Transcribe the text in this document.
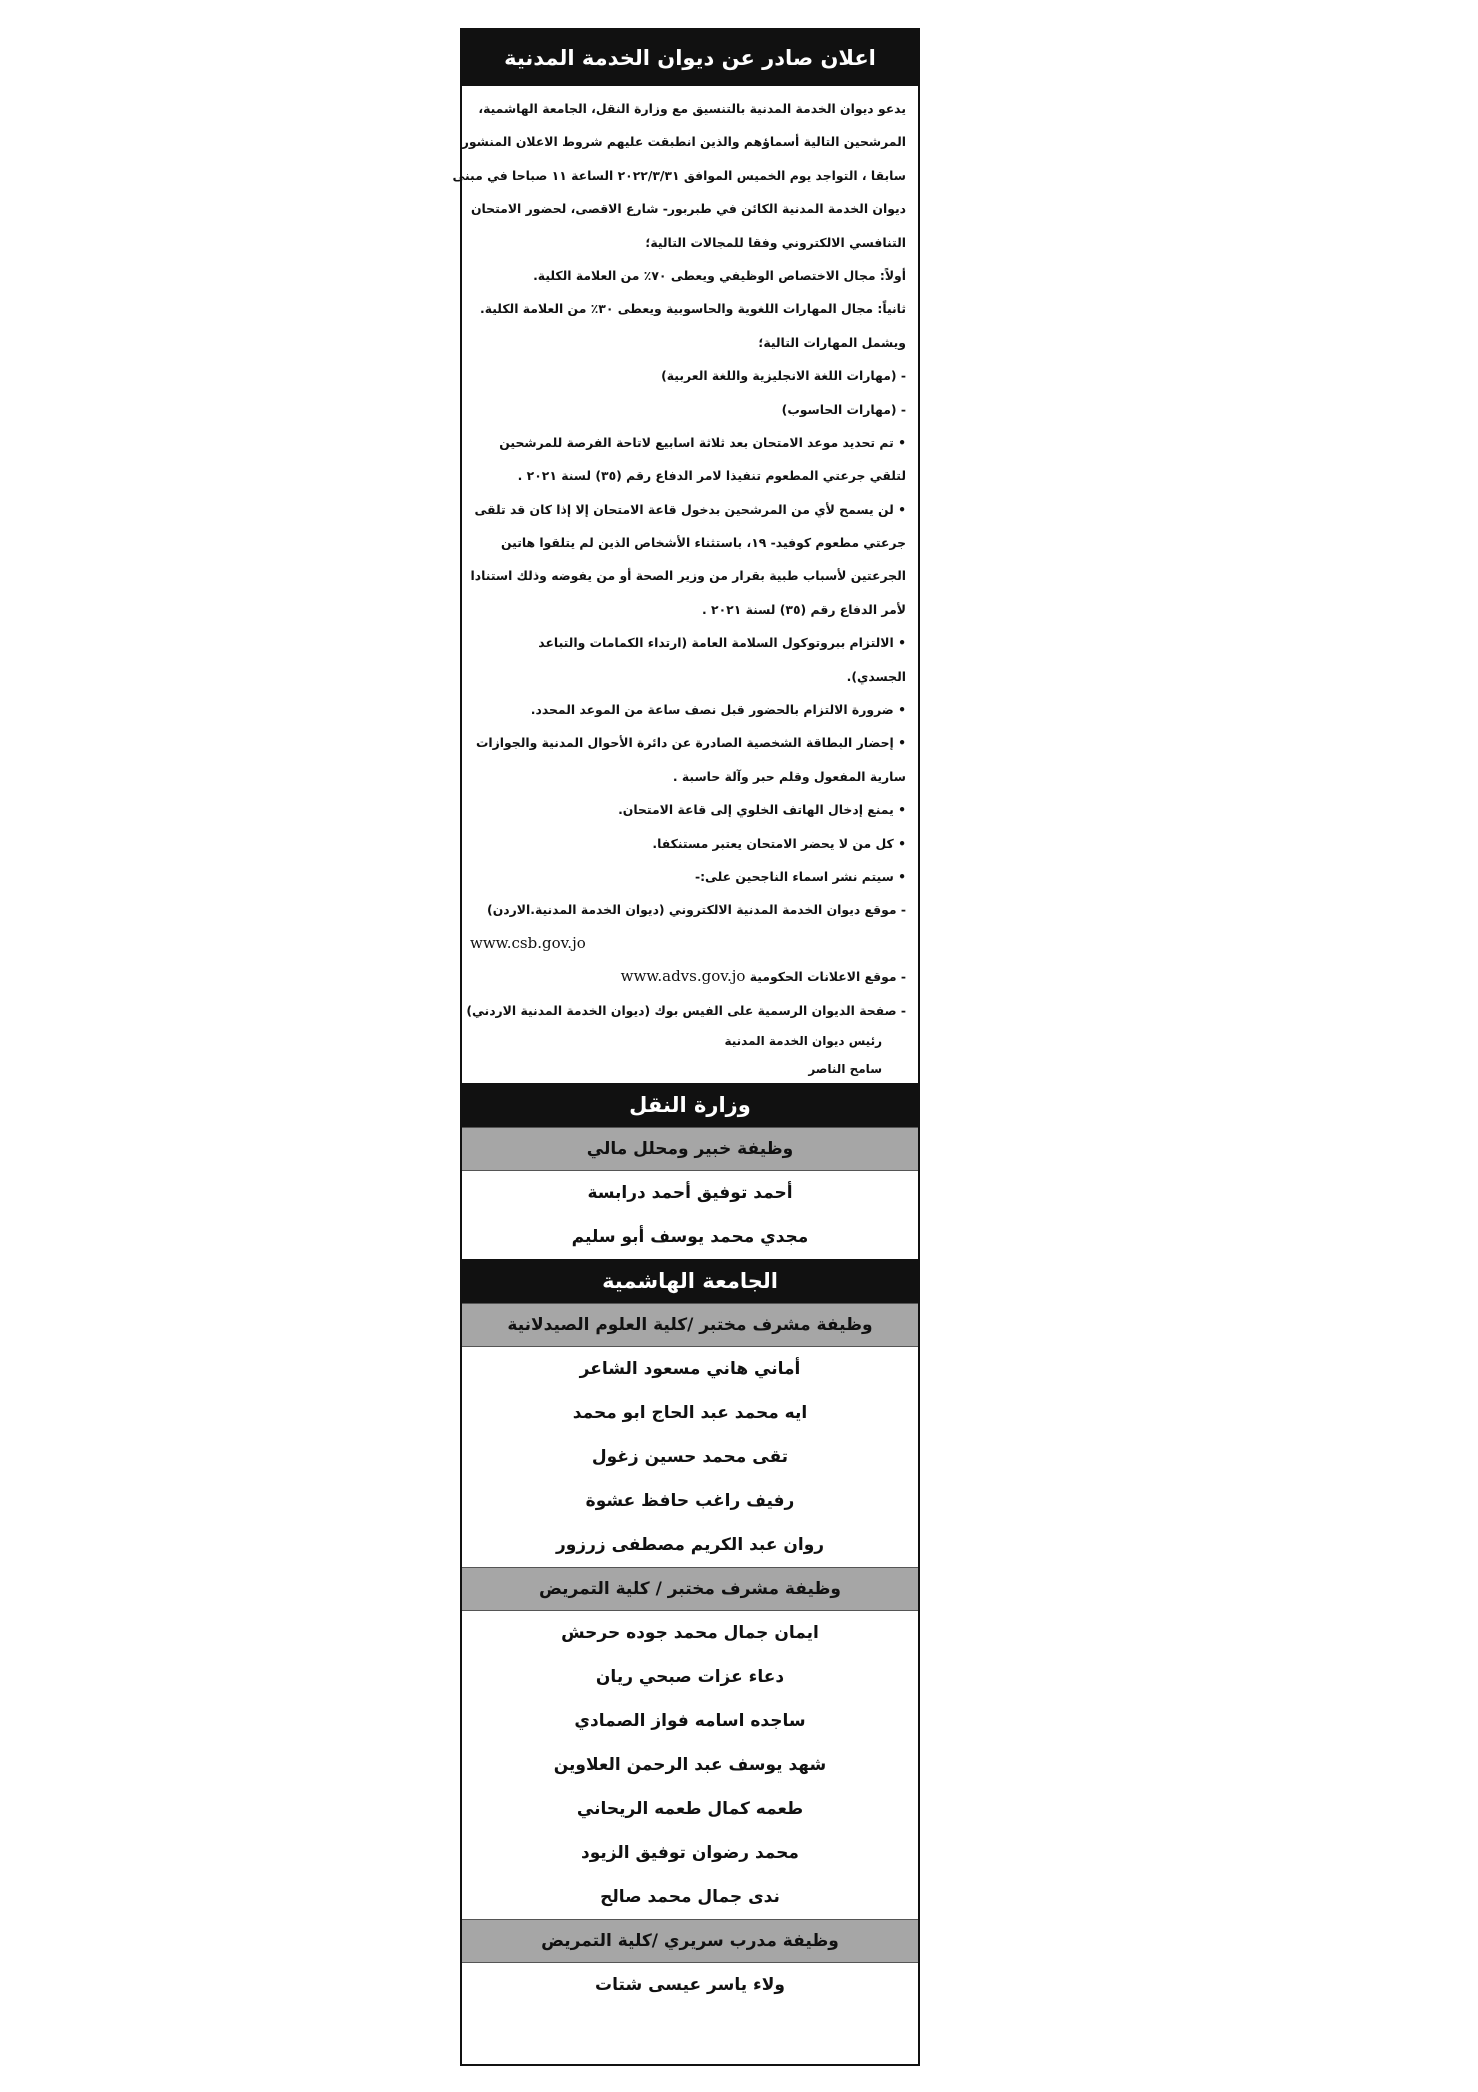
اعلان صادر عن ديوان الخدمة المدنية
يدعو ديوان الخدمة المدنية بالتنسيق مع وزارة النقل، الجامعة الهاشمية،
المرشحين التالية أسماؤهم والذين انطبقت عليهم شروط الاعلان المنشور
سابقا ، التواجد يوم الخميس الموافق ٢٠٢٢/٣/٣١ الساعة ١١ صباحا في مبنى
ديوان الخدمة المدنية الكائن في طبربور- شارع الاقصى، لحضور الامتحان
التنافسي الالكتروني وفقا للمجالات التالية؛
أولاً: مجال الاختصاص الوظيفي ويعطى ٧٠٪ من العلامة الكلية.
ثانياً: مجال المهارات اللغوية والحاسوبية ويعطى ٣٠٪ من العلامة الكلية.
ويشمل المهارات التالية؛
- (مهارات اللغة الانجليزية واللغة العربية)
- (مهارات الحاسوب)
• تم تحديد موعد الامتحان بعد ثلاثة اسابيع لاتاحة الفرصة للمرشحين
لتلقي جرعتي المطعوم تنفيذا لامر الدفاع رقم (٣٥) لسنة ٢٠٢١ .
• لن يسمح لأي من المرشحين بدخول قاعة الامتحان إلا إذا كان قد تلقى
جرعتي مطعوم كوفيد- ١٩، باستثناء الأشخاص الذين لم يتلقوا هاتين
الجرعتين لأسباب طبية بقرار من وزير الصحة أو من يفوضه وذلك استنادا
لأمر الدفاع رقم (٣٥) لسنة ٢٠٢١ .
• الالتزام ببروتوكول السلامة العامة (ارتداء الكمامات والتباعد
الجسدي).
• ضرورة الالتزام بالحضور قبل نصف ساعة من الموعد المحدد.
• إحضار البطاقة الشخصية الصادرة عن دائرة الأحوال المدنية والجوازات
سارية المفعول وقلم حبر وآلة حاسبة .
• يمنع إدخال الهاتف الخلوي إلى قاعة الامتحان.
• كل من لا يحضر الامتحان يعتبر مستنكفا.
• سيتم نشر اسماء الناجحين على:-
- موقع ديوان الخدمة المدنية الالكتروني (ديوان الخدمة المدنية.الاردن)
www.csb.gov.jo
- موقع الاعلانات الحكومية www.advs.gov.jo
- صفحة الديوان الرسمية على الفيس بوك (ديوان الخدمة المدنية الاردني)
رئيس ديوان الخدمة المدنية
سامح الناصر
وزارة النقل
وظيفة خبير ومحلل مالي
أحمد توفيق أحمد درابسة
مجدي محمد يوسف أبو سليم
الجامعة الهاشمية
وظيفة مشرف مختبر /كلية العلوم الصيدلانية
أماني هاني مسعود الشاعر
ايه محمد عبد الحاج ابو محمد
تقى محمد حسين زغول
رفيف راغب حافظ عشوة
روان عبد الكريم مصطفى زرزور
وظيفة مشرف مختبر / كلية التمريض
ايمان جمال محمد جوده حرحش
دعاء عزات صبحي ريان
ساجده اسامه فواز الصمادي
شهد يوسف عبد الرحمن العلاوين
طعمه كمال طعمه الريحاني
محمد رضوان توفيق الزيود
ندى جمال محمد صالح
وظيفة مدرب سريري /كلية التمريض
ولاء ياسر عيسى شتات
